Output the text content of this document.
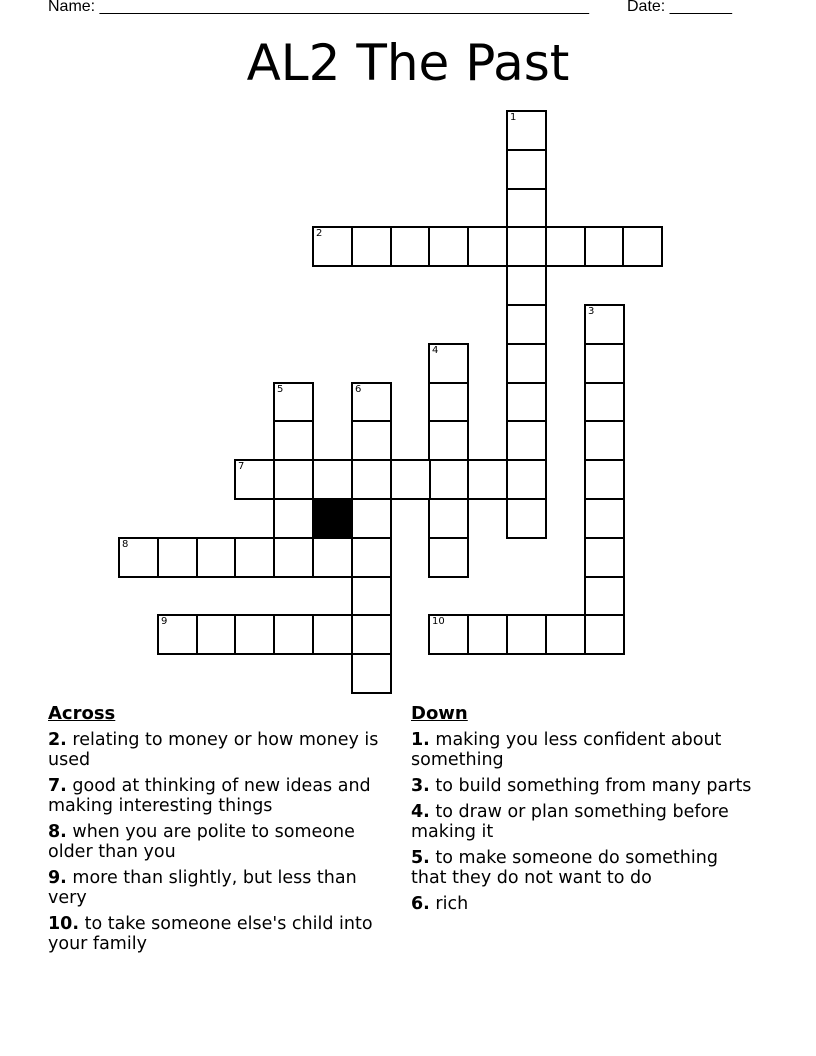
Name: _______________________________________________________ Date: _______
AL2 The Past
1
2
3
4
5	6
7
8
9	10
Across
2. relating to money or how money is used
7. good at thinking of new ideas and making interesting things
8. when you are polite to someone older than you
9. more than slightly, but less than very
10. to take someone else's child into your family
Down
1. making you less confident about something
3. to build something from many parts
4. to draw or plan something before making it
5. to make someone do something that they do not want to do
6. rich
